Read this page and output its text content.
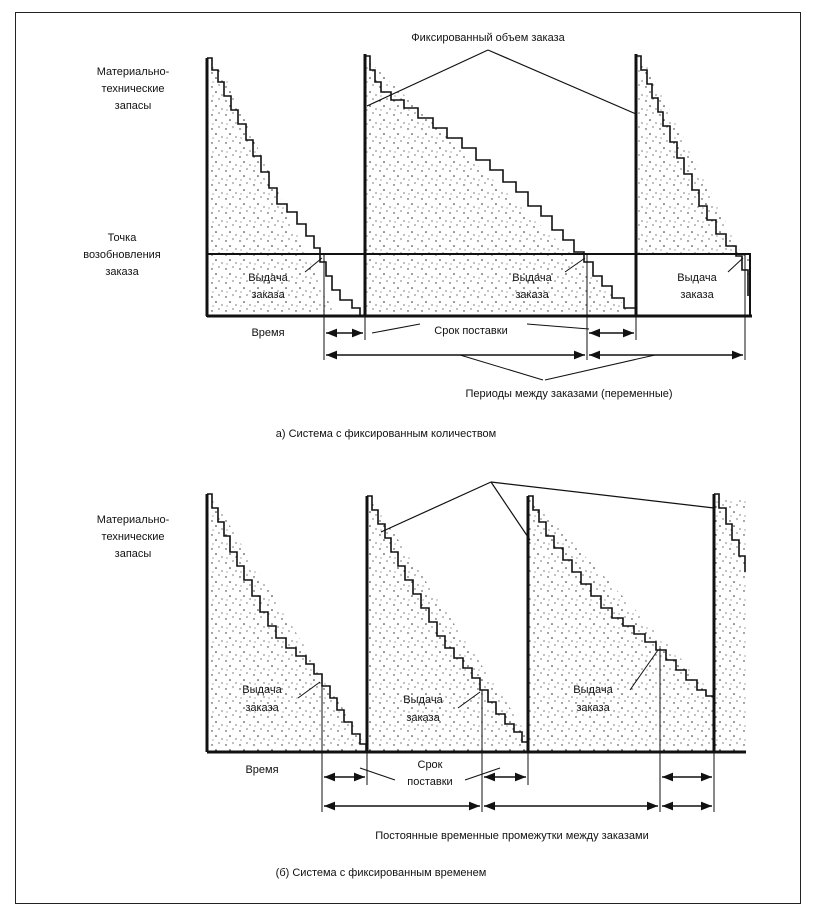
Фиксированный объем заказа
Материально-
технические
запасы
Точка
возобновления
заказа	Выдача
заказа
Выдача
заказа
Выдача
заказа
Время	Срок поставки
Периоды между заказами (переменные)
а) Система с фиксированным количеством
Материально-
технические
запасы
Выдача
заказа
Выдача
заказа
Выдача
заказа
Время	Срок
поставки
Постоянные временные промежутки между заказами
(б) Система с фиксированным временем
